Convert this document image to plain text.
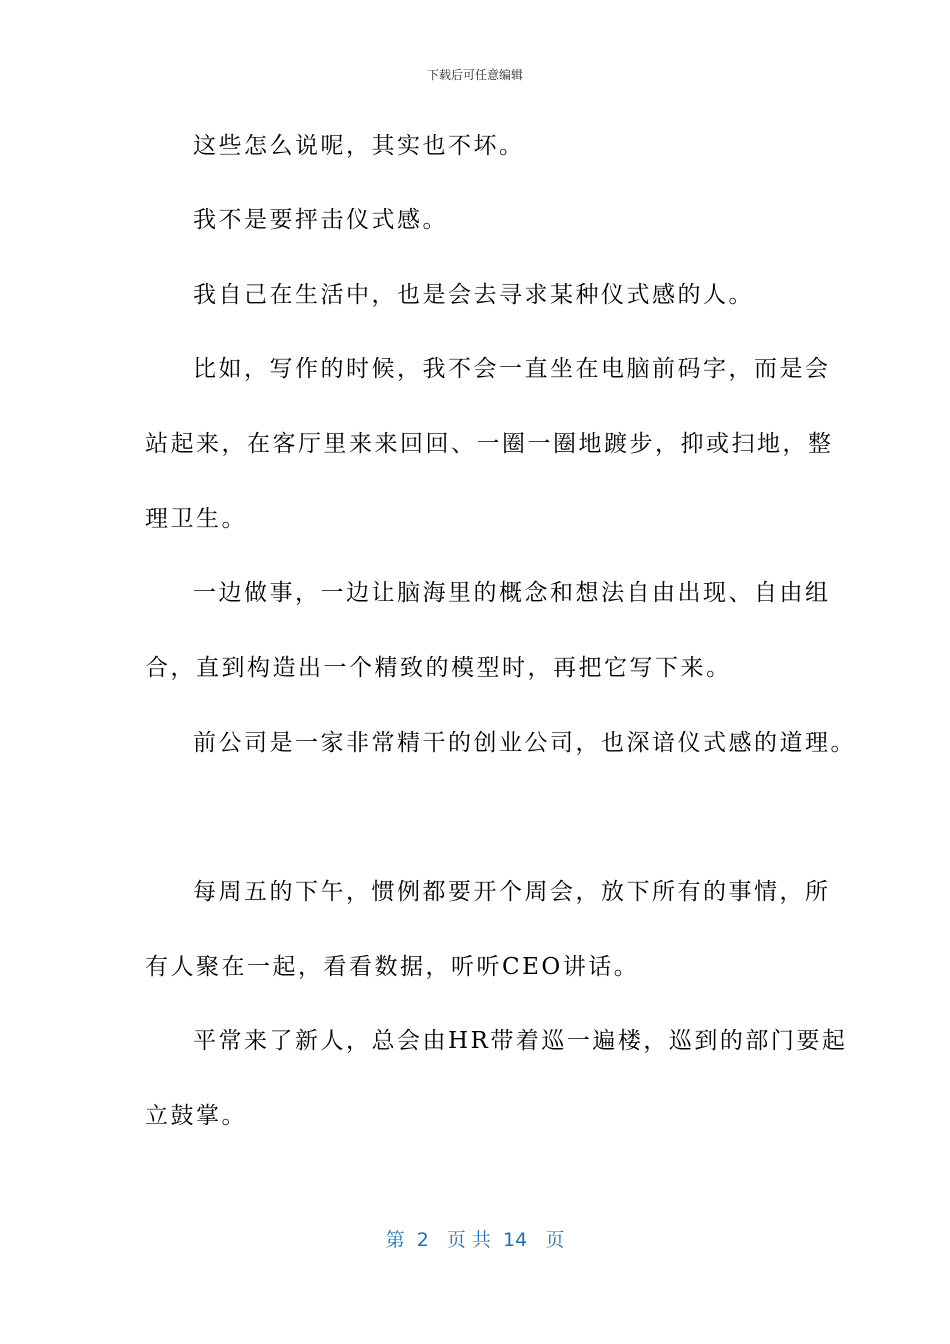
下载后可任意编辑
这些怎么说呢，其实也不坏。
我不是要抨击仪式感。
我自己在生活中，也是会去寻求某种仪式感的人。
比如，写作的时候，我不会一直坐在电脑前码字，而是会
站起来，在客厅里来来回回、一圈一圈地踱步，抑或扫地，整
理卫生。
一边做事，一边让脑海里的概念和想法自由出现、自由组
合，直到构造出一个精致的模型时，再把它写下来。
前公司是一家非常精干的创业公司，也深谙仪式感的道理。
每周五的下午，惯例都要开个周会，放下所有的事情，所
有人聚在一起，看看数据，听听CEO讲话。
平常来了新人，总会由HR带着巡一遍楼，巡到的部门要起
立鼓掌。
第  2   页 共  14   页
